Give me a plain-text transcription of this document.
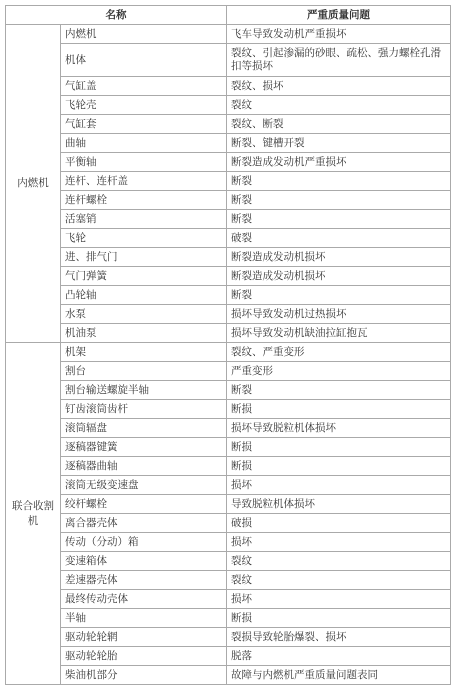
名称		严重质量问题
内燃机	内燃机	飞车导致发动机严重损坏
	机体	裂纹、引起渗漏的砂眼、疏松、强力螺栓孔滑扣等损坏
	气缸盖	裂纹、损坏
	飞轮壳	裂纹
	气缸套	裂纹、断裂
	曲轴	断裂、键槽开裂
	平衡轴	断裂造成发动机严重损坏
	连杆、连杆盖	断裂
	连杆螺栓	断裂
	活塞销	断裂
	飞轮	破裂
	进、排气门	断裂造成发动机损坏
	气门弹簧	断裂造成发动机损坏
	凸轮轴	断裂
	水泵	损坏导致发动机过热损坏
	机油泵	损坏导致发动机缺油拉缸抱瓦
联合收割机	机架	裂纹、严重变形
	割台	严重变形
	割台输送螺旋半轴	断裂
	钉齿滚筒齿杆	断损
	滚筒辐盘	损坏导致脱粒机体损坏
	逐稿器键簧	断损
	逐稿器曲轴	断损
	滚筒无级变速盘	损坏
	绞杆螺栓	导致脱粒机体损坏
	离合器壳体	破损
	传动（分动）箱	损坏
	变速箱体	裂纹
	差速器壳体	裂纹
	最终传动壳体	损坏
	半轴	断损
	驱动轮轮辋	裂损导致轮胎爆裂、损坏
	驱动轮轮胎	脱落
	柴油机部分	故障与内燃机严重质量问题表同
